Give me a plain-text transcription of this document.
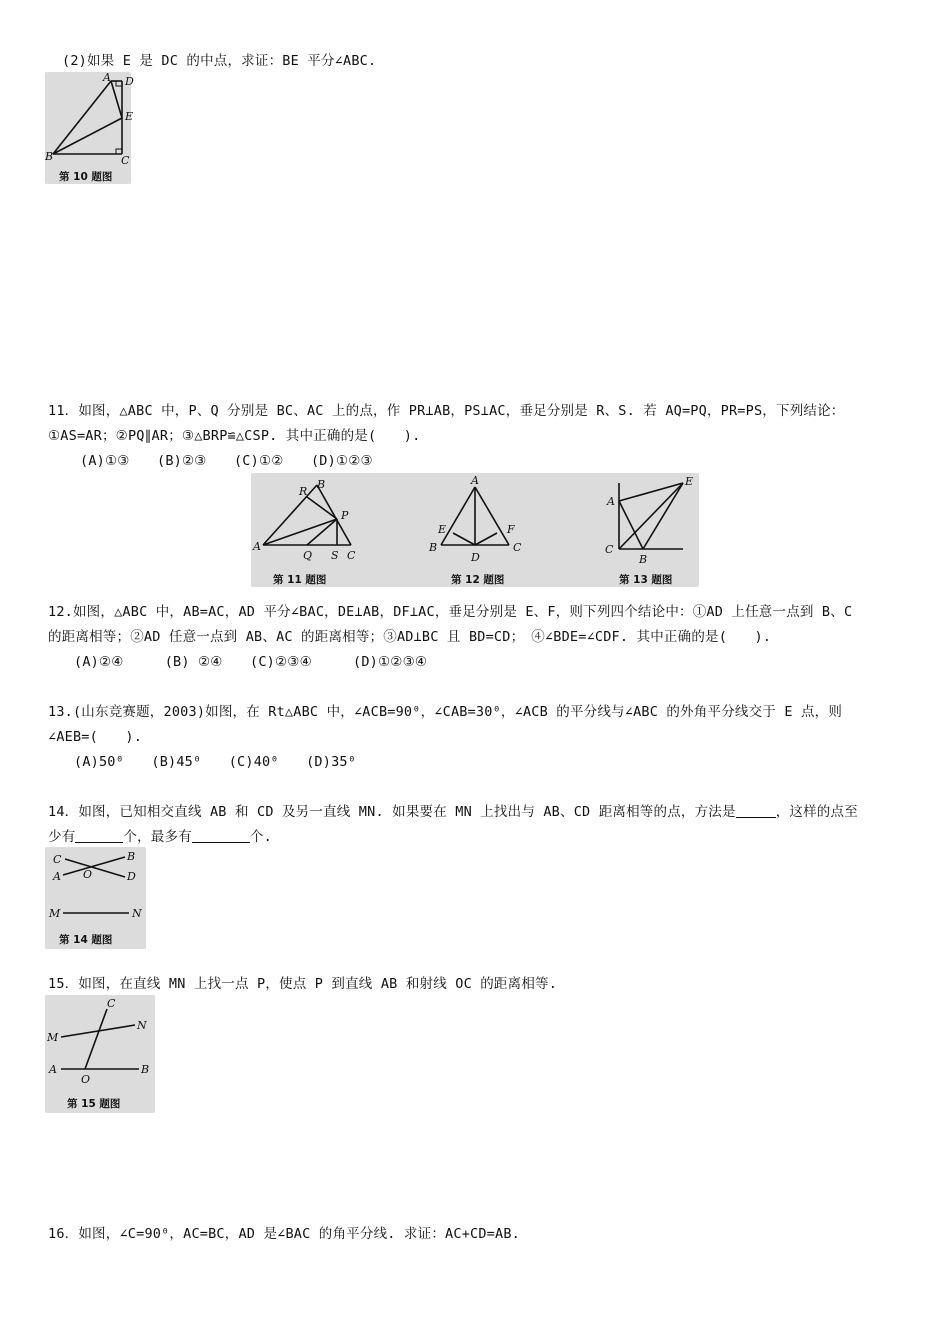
(2)如果 E 是 DC 的中点，求证：BE 平分∠ABC.
A D
E
B	C
第 10 题图
11．如图，△ABC 中，P、Q 分别是 BC、AC 上的点，作 PR⊥AB，PS⊥AC，垂足分别是 R、S. 若 AQ=PQ，PR=PS，下列结论：
①AS=AR；②PQ∥AR；③△BRP≌△CSP. 其中正确的是(　　).
(A)①③　　(B)②③　　(C)①②　　(D)①②③
R
B
P
A
Q S C
第 11 题图
A
E	F
B
D
C
第 12 题图
E
A
C
B
第 13 题图
12.如图，△ABC 中，AB=AC，AD 平分∠BAC，DE⊥AB，DF⊥AC，垂足分别是 E、F，则下列四个结论中：①AD 上任意一点到 B、C
的距离相等；②AD 任意一点到 AB、AC 的距离相等；③AD⊥BC 且 BD=CD；　④∠BDE=∠CDF. 其中正确的是(　　).
(A)②④　　　(B) ②④　　(C)②③④　　　(D)①②③④
13.(山东竞赛题，2003)如图，在 Rt△ABC 中，∠ACB=90⁰，∠CAB=30⁰，∠ACB 的平分线与∠ABC 的外角平分线交于 E 点，则
∠AEB=(　　).
(A)50⁰　　(B)45⁰　　(C)40⁰　　(D)35⁰
14．如图，已知相交直线 AB 和 CD 及另一直线 MN. 如果要在 MN 上找出与 AB、CD 距离相等的点，方法是	，这样的点至
少有	个，最多有	个.
C	B
A O	D
M	N
第 14 题图
15．如图，在直线 MN 上找一点 P，使点 P 到直线 AB 和射线 OC 的距离相等.
C
N
M
A
O
B
第 15 题图
16．如图，∠C=90⁰，AC=BC，AD 是∠BAC 的角平分线. 求证：AC+CD=AB.
